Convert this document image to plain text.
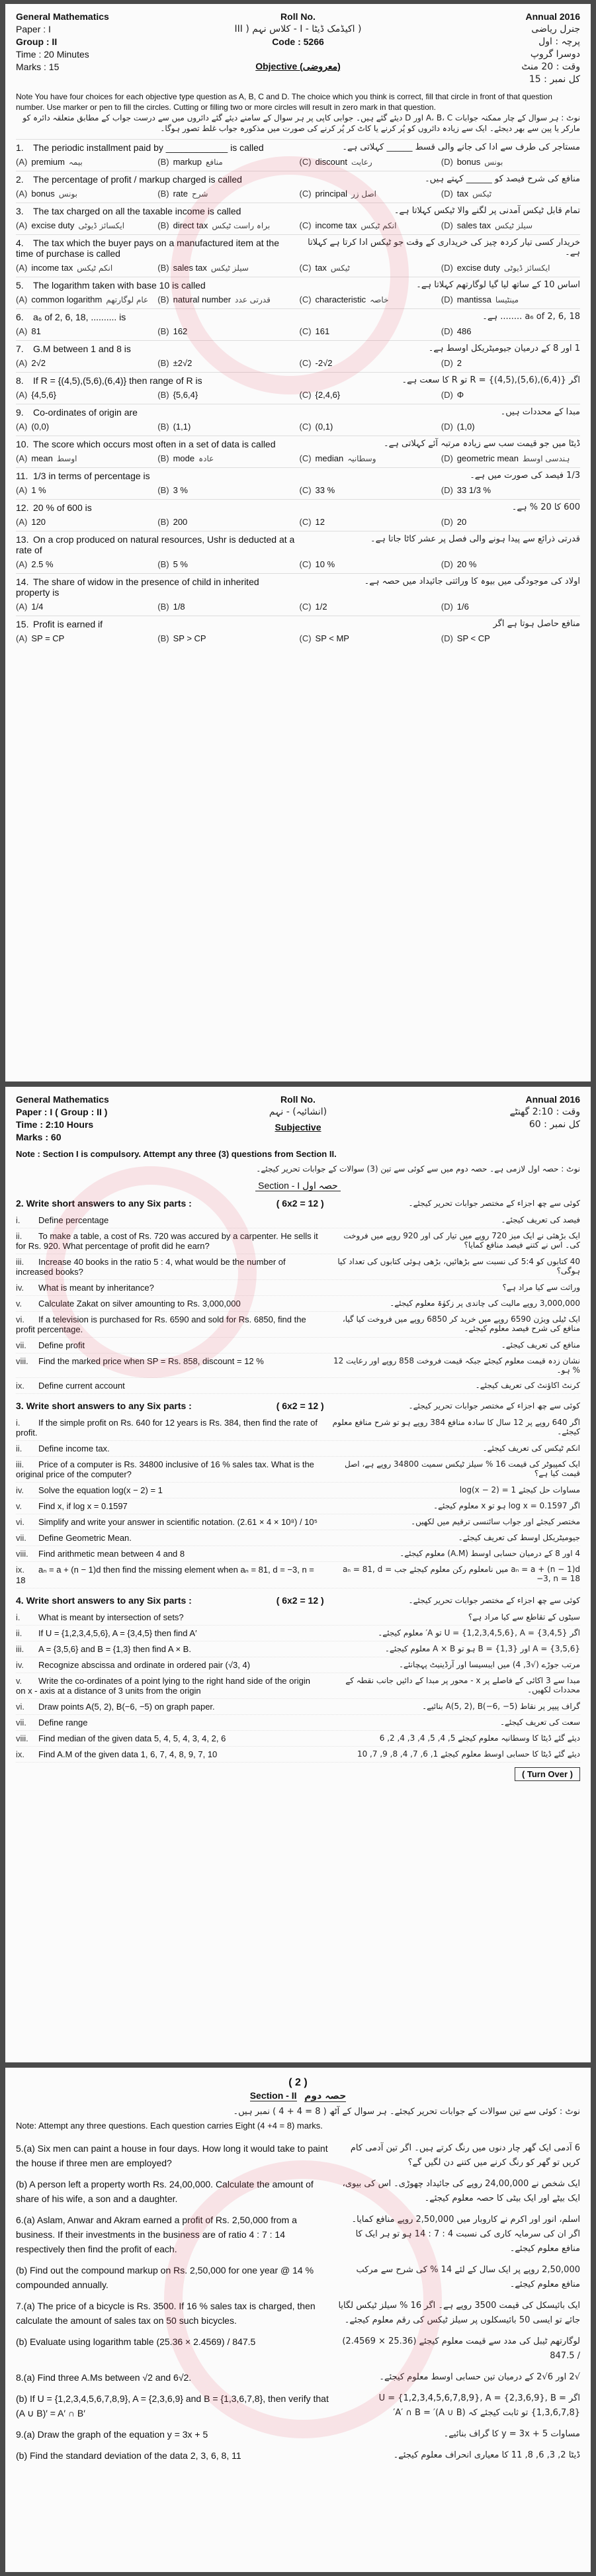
General Mathematics
Paper : I
Group : II
Time : 20 Minutes
Marks : 15
Roll No.
( اکیڈمک ڈیٹا - I - کلاس نہم ( III
Code : 5266
Objective (معروضی)
Annual 2016
جنرل ریاضی
پرچہ : اول
دوسرا گروپ
وقت : 20 منٹ
کل نمبر : 15
Note You have four choices for each objective type question as A, B, C and D. The choice which you think is correct, fill that circle in front of that question number. Use marker or pen to fill the circles. Cutting or filling two or more circles will result in zero mark in that question.
نوٹ : ہر سوال کے چار ممکنہ جوابات A، B، C اور D دیئے گئے ہیں۔ جوابی کاپی پر ہر سوال کے سامنے دیئے گئے دائروں میں سے درست جواب کے مطابق متعلقہ دائرہ کو مارکر یا پین سے بھر دیجئے۔ ایک سے زیادہ دائروں کو پُر کرنے یا کاٹ کر پُر کرنے کی صورت میں مذکورہ جواب غلط تصور ہوگا۔
1. The periodic installment paid by ____________ is called	مستاجر کی طرف سے ادا کی جانے والی قسط ______ کہلاتی ہے۔
(A) premium بیمہ	(B) markup منافع	(C) discount رعایت	(D) bonus بونس
2. The percentage of profit / markup charged is called	منافع کی شرح فیصد کو ______ کہتے ہیں۔
(A) bonus بونس	(B) rate شرح	(C) principal اصل زر	(D) tax ٹیکس
3. The tax charged on all the taxable income is called	تمام قابل ٹیکس آمدنی پر لگنے والا ٹیکس کہلاتا ہے۔
(A) excise duty ایکسائز ڈیوٹی	(B) direct tax براہ راست ٹیکس	(C) income tax انکم ٹیکس	(D) sales tax سیلز ٹیکس
4. The tax which the buyer pays on a manufactured item at the time of purchase is called
خریدار کسی تیار کردہ چیز کی خریداری کے وقت جو ٹیکس ادا کرتا ہے کہلاتا ہے۔
(A) income tax انکم ٹیکس	(B) sales tax سیلز ٹیکس	(C) tax ٹیکس	(D) excise duty ایکسائز ڈیوٹی
5. The logarithm taken with base 10 is called	اساس 10 کے ساتھ لیا گیا لوگارتھم کہلاتا ہے۔
(A) common logarithm عام لوگارتھم (B) natural number قدرتی عدد	(C) characteristic خاصہ	(D) mantissa مینٹیسا
6. a₆ of 2, 6, 18, .......... is	a₆ of 2, 6, 18 ........ ہے۔
(A) 81	(B) 162	(C) 161	(D) 486
7. G.M between 1 and 8 is	1 اور 8 کے درمیان جیومیٹریکل اوسط ہے۔
(A) 2√2	(B) ±2√2	(C) -2√2	(D) 2
8. If R = {(4,5),(5,6),(6,4)} then range of R is	اگر R = {(4,5),(5,6),(6,4)} تو R کا سعت ہے۔
(A) {4,5,6}	(B) {5,6,4}	(C) {2,4,6}	(D) Φ
9. Co-ordinates of origin are	مبدا کے محددات ہیں۔
(A) (0,0)	(B) (1,1)	(C) (0,1)	(D) (1,0)
10. The score which occurs most often in a set of data is called	ڈیٹا میں جو قیمت سب سے زیادہ مرتبہ آئے کہلاتی ہے۔
(A) mean اوسط	(B) mode عادہ	(C) median وسطانیہ	(D) geometric mean ہندسی اوسط
11. 1/3 in terms of percentage is	1/3 فیصد کی صورت میں ہے۔
(A) 1 %	(B) 3 %	(C) 33 %	(D) 33 1/3 %
12. 20 % of 600 is	600 کا 20 % ہے۔
(A) 120	(B) 200	(C) 12	(D) 20
13. On a crop produced on natural resources, Ushr is deducted at a rate of
قدرتی ذرائع سے پیدا ہونے والی فصل پر عشر کاٹا جاتا ہے۔
(A) 2.5 %	(B) 5 %	(C) 10 %	(D) 20 %
14. The share of widow in the presence of child in inherited property is
اولاد کی موجودگی میں بیوہ کا وراثتی جائیداد میں حصہ ہے۔
(A) 1/4	(B) 1/8	(C) 1/2	(D) 1/6
15. Profit is earned if	منافع حاصل ہوتا ہے اگر
(A) SP = CP	(B) SP > CP	(C) SP < MP	(D) SP < CP
General Mathematics
Paper : I ( Group : II )
Time : 2:10 Hours
Marks : 60
Roll No.
(انشائیہ) - نہم
Subjective
Annual 2016
وقت : 2:10 گھنٹے
کل نمبر : 60
Note : Section I is compulsory. Attempt any three (3) questions from Section II.
نوٹ : حصہ اول لازمی ہے۔ حصہ دوم میں سے کوئی سے تین (3) سوالات کے جوابات تحریر کیجئے۔
Section - I حصہ اول
2. Write short answers to any Six parts :	( 6x2 = 12 )	کوئی سے چھ اجزاء کے مختصر جوابات تحریر کیجئے۔
i. Define percentage	فیصد کی تعریف کیجئے۔
ii. To make a table, a cost of Rs. 720 was accured by a carpenter. He sells it for Rs. 920. What percentage of profit did he earn?
ایک بڑھئی نے ایک میز 720 روپے میں تیار کی اور 920 روپے میں فروخت کی۔ اس نے کتنے فیصد منافع کمایا؟
iii. Increase 40 books in the ratio 5 : 4, what would be the number of increased books?
40 کتابوں کو 5:4 کی نسبت سے بڑھائیں، بڑھی ہوئی کتابوں کی تعداد کیا ہوگی؟
iv. What is meant by inheritance?	وراثت سے کیا مراد ہے؟
v. Calculate Zakat on silver amounting to Rs. 3,000,000	3,000,000 روپے مالیت کی چاندی پر زکوٰۃ معلوم کیجئے۔
vi. If a television is purchased for Rs. 6590 and sold for Rs. 6850, find the profit percentage.
ایک ٹیلی ویژن 6590 روپے میں خرید کر 6850 روپے میں فروخت کیا گیا، منافع کی شرح فیصد معلوم کیجئے۔
vii. Define profit	منافع کی تعریف کیجئے۔
viii. Find the marked price when SP = Rs. 858, discount = 12 %	نشان زدہ قیمت معلوم کیجئے جبکہ قیمت فروخت 858 روپے اور رعایت 12 % ہو۔
ix. Define current account	کرنٹ اکاؤنٹ کی تعریف کیجئے۔
3. Write short answers to any Six parts :	( 6x2 = 12 )	کوئی سے چھ اجزاء کے مختصر جوابات تحریر کیجئے۔
i. If the simple profit on Rs. 640 for 12 years is Rs. 384, then find the rate of profit.
اگر 640 روپے پر 12 سال کا سادہ منافع 384 روپے ہو تو شرح منافع معلوم کیجئے۔
ii. Define income tax.	انکم ٹیکس کی تعریف کیجئے۔
iii. Price of a computer is Rs. 34800 inclusive of 16 % sales tax. What is the original price of the computer?
ایک کمپیوٹر کی قیمت 16 % سیلز ٹیکس سمیت 34800 روپے ہے، اصل قیمت کیا ہے؟
iv. Solve the equation log(x − 2) = 1	مساوات حل کیجئے log(x − 2) = 1
v. Find x, if log x = 0.1597	اگر log x = 0.1597 ہو تو x معلوم کیجئے۔
vi. Simplify and write your answer in scientific notation. (2.61 × 4 × 10⁸) / 10⁵	مختصر کیجئے اور جواب سائنسی ترقیم میں لکھیں۔
vii. Define Geometric Mean.	جیومیٹریکل اوسط کی تعریف کیجئے۔
viii. Find arithmetic mean between 4 and 8	4 اور 8 کے درمیان حسابی اوسط (A.M) معلوم کیجئے۔
ix. aₙ = a + (n − 1)d then find the missing element when aₙ = 81, d = −3, n = 18
aₙ = a + (n − 1)d میں نامعلوم رکن معلوم کیجئے جب aₙ = 81, d = −3, n = 18
4. Write short answers to any Six parts :	( 6x2 = 12 )	کوئی سے چھ اجزاء کے مختصر جوابات تحریر کیجئے۔
i. What is meant by intersection of sets?	سیٹوں کے تقاطع سے کیا مراد ہے؟
ii. If U = {1,2,3,4,5,6}, A = {3,4,5} then find A′	اگر U = {1,2,3,4,5,6}, A = {3,4,5} تو A′ معلوم کیجئے۔
iii. A = {3,5,6} and B = {1,3} then find A × B.	A = {3,5,6} اور B = {1,3} ہو تو A × B معلوم کیجئے۔
iv. Recognize abscissa and ordinate in ordered pair (√3, 4)	مرتب جوڑے (√3, 4) میں ایبسیسا اور آرڈینیٹ پہچانئے۔
v. Write the co-ordinates of a point lying to the right hand side of the origin on x - axis at a distance of 3 units from the origin
مبدا سے 3 اکائی کے فاصلے پر x - محور پر مبدا کے دائیں جانب نقطہ کے محددات لکھیں۔
vi. Draw points A(5, 2), B(−6, −5) on graph paper.	گراف پیپر پر نقاط A(5, 2), B(−6, −5) بنائیے۔
vii. Define range	سعت کی تعریف کیجئے۔
viii. Find median of the given data 5, 4, 5, 4, 3, 4, 2, 6	دیئے گئے ڈیٹا کا وسطانیہ معلوم کیجئے 5, 4, 5, 4, 3, 4, 2, 6
ix. Find A.M of the given data 1, 6, 7, 4, 8, 9, 7, 10	دیئے گئے ڈیٹا کا حسابی اوسط معلوم کیجئے 1, 6, 7, 4, 8, 9, 7, 10
( Turn Over )
( 2 )
Section - II حصہ دوم
نوٹ : کوئی سے تین سوالات کے جوابات تحریر کیجئے۔ ہر سوال کے آٹھ ( 8 = 4 + 4 ) نمبر ہیں۔
Note: Attempt any three questions. Each question carries Eight (4 +4 = 8) marks.
5.(a) Six men can paint a house in four days. How long it would take to paint the house if three men are employed?
6 آدمی ایک گھر چار دنوں میں رنگ کرتے ہیں۔ اگر تین آدمی کام کریں تو گھر کو رنگ کرنے میں کتنے دن لگیں گے؟
(b) A person left a property worth Rs. 24,00,000. Calculate the amount of share of his wife, a son and a daughter.
ایک شخص نے 24,00,000 روپے کی جائیداد چھوڑی۔ اس کی بیوی، ایک بیٹے اور ایک بیٹی کا حصہ معلوم کیجئے۔
6.(a) Aslam, Anwar and Akram earned a profit of Rs. 2,50,000 from a business. If their investments in the business are of ratio 4 : 7 : 14 respectively then find the profit of each.
اسلم، انور اور اکرم نے کاروبار میں 2,50,000 روپے منافع کمایا۔ اگر ان کی سرمایہ کاری کی نسبت 4 : 7 : 14 ہو تو ہر ایک کا منافع معلوم کیجئے۔
(b) Find out the compound markup on Rs. 2,50,000 for one year @ 14 % compounded annually.
2,50,000 روپے پر ایک سال کے لئے 14 % کی شرح سے مرکب منافع معلوم کیجئے۔
7.(a) The price of a bicycle is Rs. 3500. If 16 % sales tax is charged, then calculate the amount of sales tax on 50 such bicycles.
ایک بائیسکل کی قیمت 3500 روپے ہے۔ اگر 16 % سیلز ٹیکس لگایا جائے تو ایسی 50 بائیسکلوں پر سیلز ٹیکس کی رقم معلوم کیجئے۔
(b) Evaluate using logarithm table (25.36 × 2.4569) / 847.5	لوگارتھم ٹیبل کی مدد سے قیمت معلوم کیجئے (25.36 × 2.4569) / 847.5
8.(a) Find three A.Ms between √2 and 6√2.	√2 اور 6√2 کے درمیان تین حسابی اوسط معلوم کیجئے۔
(b) If U = {1,2,3,4,5,6,7,8,9}, A = {2,3,6,9} and B = {1,3,6,7,8}, then verify that (A ∪ B)′ = A′ ∩ B′
اگر U = {1,2,3,4,5,6,7,8,9}, A = {2,3,6,9}, B = {1,3,6,7,8} تو ثابت کیجئے کہ (A ∪ B)′ = A′ ∩ B′
9.(a) Draw the graph of the equation y = 3x + 5	مساوات y = 3x + 5 کا گراف بنائیے۔
(b) Find the standard deviation of the data 2, 3, 6, 8, 11	ڈیٹا 2, 3, 6, 8, 11 کا معیاری انحراف معلوم کیجئے۔
